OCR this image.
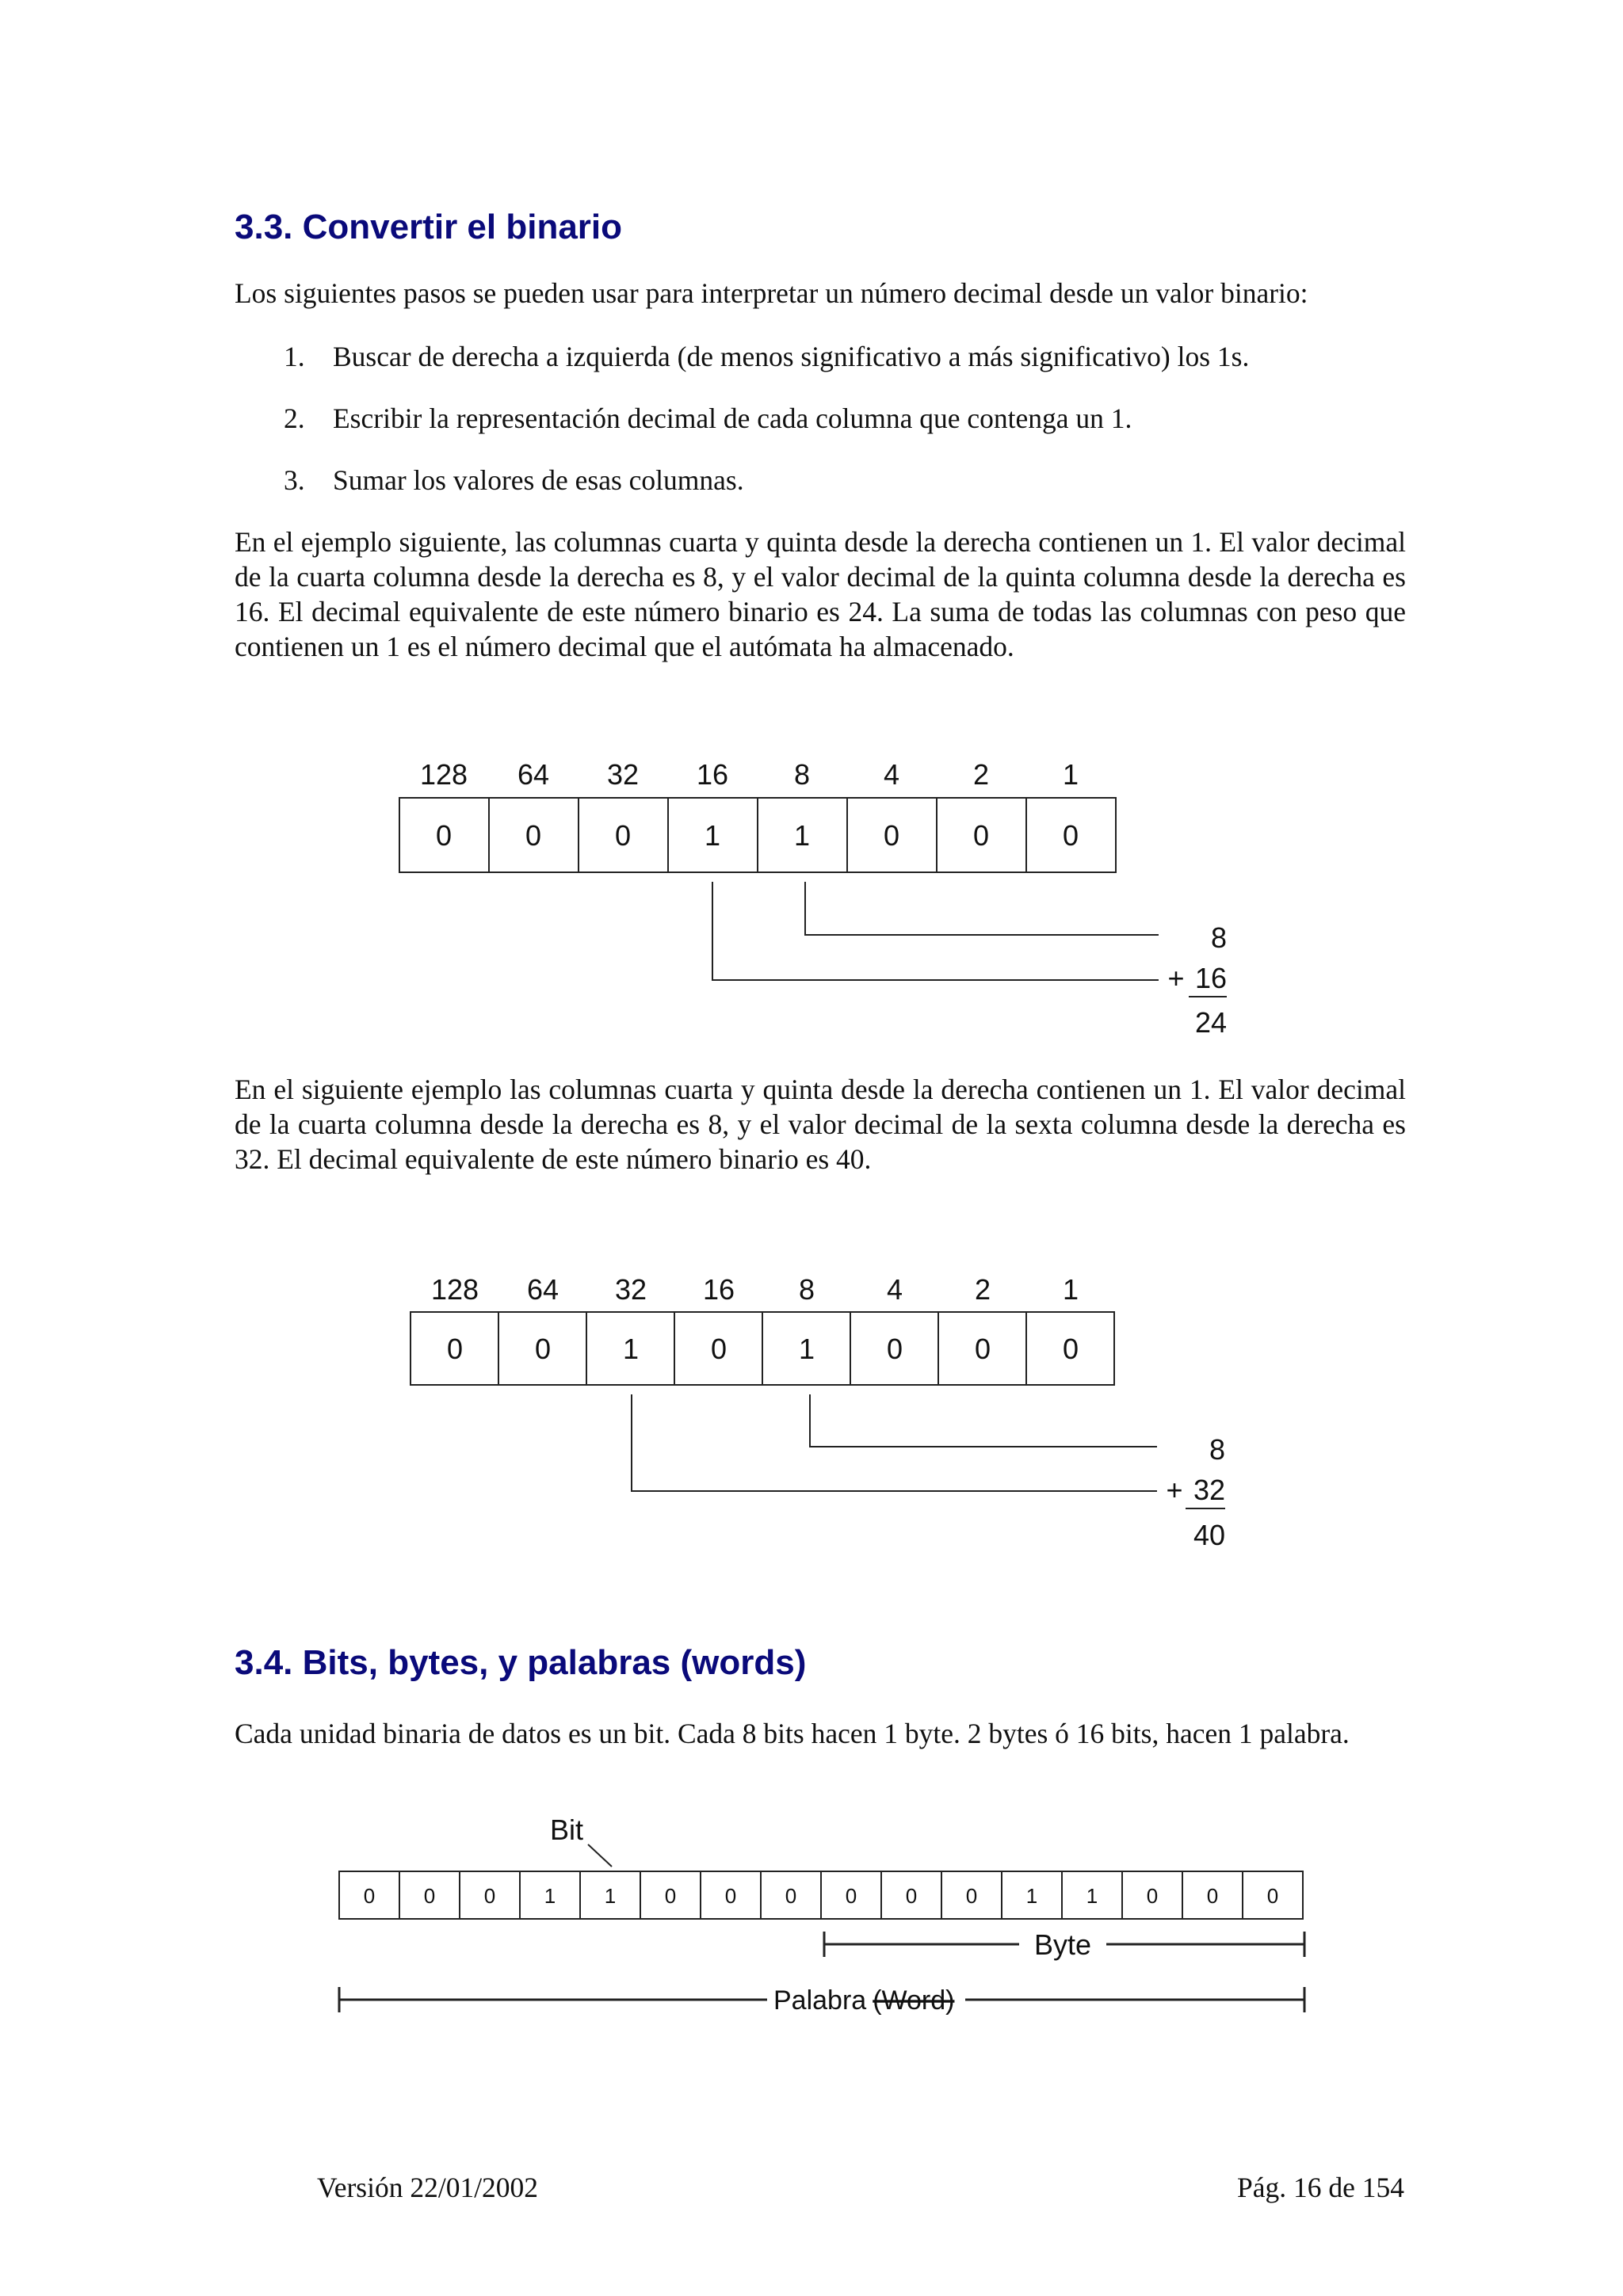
3.3. Convertir el binario

Los siguientes pasos se pueden usar para interpretar un número decimal desde un valor binario:

1. Buscar de derecha a izquierda (de menos significativo a más significativo) los 1s.
2. Escribir la representación decimal de cada columna que contenga un 1.
3. Sumar los valores de esas columnas.

En el ejemplo siguiente, las columnas cuarta y quinta desde la derecha contienen un 1. El valor decimal de la cuarta columna desde la derecha es 8, y el valor decimal de la quinta columna desde la derecha es 16. El decimal equivalente de este número binario es 24. La suma de todas las columnas con peso que contienen un 1 es el número decimal que el autómata ha almacenado.

128 64 32 16 8	4	2	1
0	0	0	1	1	0	0	0
8
+ 16
24

En el siguiente ejemplo las columnas cuarta y quinta desde la derecha contienen un 1. El valor decimal de la cuarta columna desde la derecha es 8, y el valor decimal de la sexta columna desde la derecha es 32. El decimal equivalente de este número binario es 40.

128 64 32 16 8	4	2	1
0	0	1	0	1	0	0	0
8
+ 32
40
3.4. Bits, bytes, y palabras (words)

Cada unidad binaria de datos es un bit. Cada 8 bits hacen 1 byte. 2 bytes ó 16 bits, hacen 1 palabra.

Bit
0 0 0 1 1 0 0 0 0 0 0 1 1 0 0 0
Byte
Palabra (Word)
Versión 22/01/2002	Pág. 16 de 154
